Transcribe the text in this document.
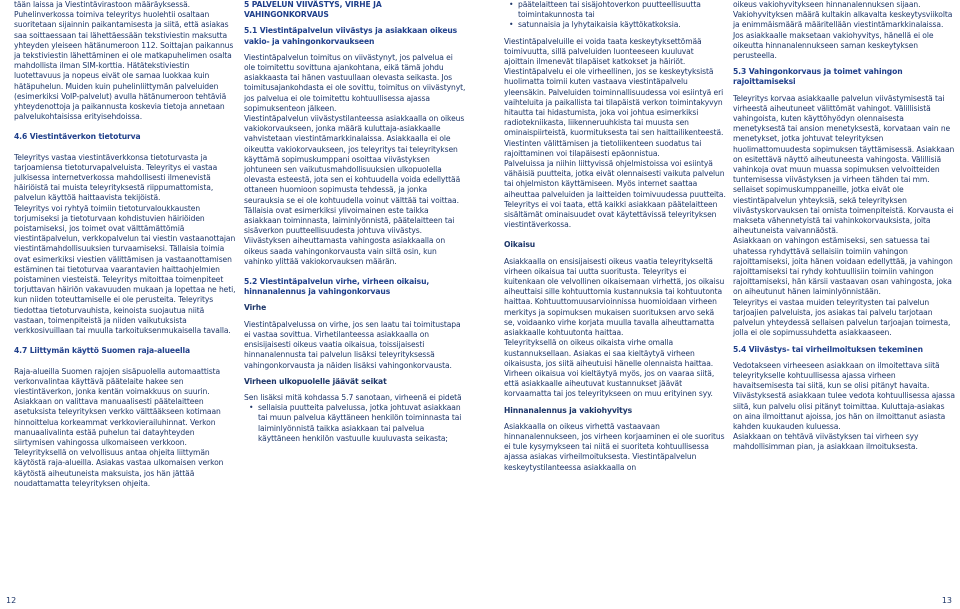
tään laissa ja Viestintävirastoon määräyksessä. Puhelinverkossa toimiva teleyritys huolehtii osaltaan suoritetaan sijainnin paikantamisesta ja siitä, että asiakas saa soittaessaan tai lähettäessään tekstiviestin maksutta yhteyden yleiseen hätänumeroon 112. Soittajan paikannus ja tekstiviestin lähettäminen ei ole matkapuhelimen osalta mahdollista ilman SIM-korttia. Hätätekstiviestin luotettavuus ja nopeus eivät ole samaa luokkaa kuin hätäpuhelun. Muiden kuin puhelinliittymän palveluiden (esimerkiksi VoIP-palvelut) avulla hätänumeroon tehtäviä yhteydenottoja ja paikannusta koskevia tietoja annetaan palvelukohtaisissa erityisehdoissa.

4.6 Viestintäverkon tietoturva

Teleyritys vastaa viestintäverkkonsa tietoturvasta ja tarjoamiensa tietoturvapalveluista. Teleyritys ei vastaa julkisessa internetverkossa mahdollisesti ilmenevistä häiriöistä tai muista teleyrityksestä riippumattomista, palvelun käyttöä haittaavista tekijöistä.

Teleyritys voi ryhtyä toimiin tietoturvaloukkausten torjumiseksi ja tietoturvaan kohdistuvien häiriöiden poistamiseksi, jos toimet ovat välttämättömiä viestintäpalvelun, verkkopalvelun tai viestin vastaanottajan viestintämahdollisuuksien turvaamiseksi. Tällaisia toimia ovat esimerkiksi viestien välittämisen ja vastaanottamisen estäminen tai tietoturvaa vaarantavien haittaohjelmien poistaminen viesteistä. Teleyritys mitoittaa toimenpiteet torjuttavan häiriön vakavuuden mukaan ja lopettaa ne heti, kun niiden toteuttamiselle ei ole perusteita. Teleyritys tiedottaa tietoturvauhista, keinoista suojautua niitä vastaan, toimenpiteistä ja niiden vaikutuksista verkkosivuillaan tai muulla tarkoituksenmukaisella tavalla.

4.7 Liittymän käyttö Suomen raja-alueella

Raja-alueilla Suomen rajojen sisäpuolella automaattista verkonvalintaa käyttävä päätelaite hakee sen viestintäverkon, jonka kentän voimakkuus on suurin. Asiakkaan on valittava manuaalisesti päätelaitteen asetuksista teleyrityksen verkko välttääkseen kotimaan hinnoittelua korkeammat verkkovierailuhinnat. Verkon manuaalivalinta estää puhelun tai datayhteyden siirtymisen vahingossa ulkomaiseen verkkoon. Teleyrityksellä on velvollisuus antaa ohjeita liittymän käytöstä raja-alueilla. Asiakas vastaa ulkomaisen verkon käytöstä aiheutuneista maksuista, jos hän jättää noudattamatta teleyrityksen ohjeita.

5 PALVELUN VIIVÄSTYS, VIRHE JA VAHINGONKORVAUS

5.1 Viestintäpalvelun viivästys ja asiakkaan oikeus vakio- ja vahingonkorvaukseen

Viestintäpalvelun toimitus on viivästynyt, jos palvelua ei ole toimitettu sovittuna ajankohtana, eikä tämä johdu asiakkaasta tai hänen vastuullaan olevasta seikasta. Jos toimitusajankohdasta ei ole sovittu, toimitus on viivästynyt, jos palvelua ei ole toimitettu kohtuullisessa ajassa sopimuksenteon jälkeen.

Viestintäpalvelun viivästystilanteessa asiakkaalla on oikeus vakiokorvaukseen, jonka määrä kuluttaja-asiakkaalle vahvistetaan viestintämarkkinalaissa. Asiakkaalla ei ole oikeutta vakiokorvaukseen, jos teleyritys tai teleyrityksen käyttämä sopimuskumppani osoittaa viivästyksen johtuneen sen vaikutusmahdollisuuksien ulkopuolella olevasta esteestä, jota sen ei kohtuudella voida edellyttää ottaneen huomioon sopimusta tehdessä, ja jonka seurauksia se ei ole kohtuudella voinut välttää tai voittaa. Tällaisia ovat esimerkiksi ylivoimainen este taikka asiakkaan toiminnasta, laiminlyönnistä, päätelaitteen tai sisäverkon puutteellisuudesta johtuva viivästys.

Viivästyksen aiheuttamasta vahingosta asiakkaalla on oikeus saada vahingonkorvausta vain siltä osin, kun vahinko ylittää vakiokorvauksen määrän.

5.2 Viestintäpalvelun virhe, virheen oikaisu, hinnanalennus ja vahingonkorvaus

Virhe

Viestintäpalvelussa on virhe, jos sen laatu tai toimitustapa ei vastaa sovittua. Virhetilanteessa asiakkaalla on ensisijaisesti oikeus vaatia oikaisua, toissijaisesti hinnanalennusta tai palvelun lisäksi teleyrityksessä vahingonkorvausta ja näiden lisäksi vahingonkorvausta.

Virheen ulkopuolelle jäävät seikat

Sen lisäksi mitä kohdassa 5.7 sanotaan, virheenä ei pidetä

• sellaisia puutteita palvelussa, jotka johtuvat asiakkaan tai muun palvelua käyttäneen henkilön toiminnasta tai laiminlyönnistä taikka asiakkaan tai palvelua käyttäneen henkilön vastuulle kuuluvasta seikasta;
• päätelaitteen tai sisäjohtoverkon puutteellisuutta toimintakunnosta tai
• satunnaisia ja lyhytaikaisia käyttökatkoksia.

Viestintäpalveluille ei voida taata keskeytyksettömää toimivuutta, sillä palveluiden luonteeseen kuuluvat ajoittain ilmenevät tilapäiset katkokset ja häiriöt. Viestintäpalvelu ei ole virheellinen, jos se keskeytyksistä huolimatta toimii kuten vastaava viestintäpalvelu yleensäkin. Palveluiden toiminnallisuudessa voi esiintyä eri vaihteluita ja paikallista tai tilapäistä verkon toimintakyvyn hitautta tai hidastumista, joka voi johtua esimerkiksi radiotekniikasta, liikenneruuhkista tai muusta sen ominaispiirteistä, kuormituksesta tai sen haittailikenteestä. Viestinten välittämisen ja tietoliikenteen suodatus tai rajoittaminen voi tilapäisesti epäonnistua.

Palveluissa ja niihin liittyvissä ohjelmistoissa voi esiintyä vähäisiä puutteita, jotka eivät olennaisesti vaikuta palvelun tai ohjelmiston käyttämiseen. Myös internet saattaa aiheuttaa palveluiden ja laitteiden toimivuudessa puutteita. Teleyritys ei voi taata, että kaikki asiakkaan päätelaitteen sisältämät ominaisuudet ovat käytettävissä teleyrityksen viestintäverkossa.

Oikaisu

Asiakkaalla on ensisijaisesti oikeus vaatia teleyritykseltä virheen oikaisua tai uutta suoritusta. Teleyritys ei kuitenkaan ole velvollinen oikaisemaan virhettä, jos oikaisu aiheuttaisi sille kohtuuttomia kustannuksia tai kohtuutonta haittaa. Kohtuuttomuusarvioinnissa huomioidaan virheen merkitys ja sopimuksen mukaisen suorituksen arvo sekä se, voidaanko virhe korjata muulla tavalla aiheuttamatta asiakkaalle kohtuutonta haittaa.

Teleyrityksellä on oikeus oikaista virhe omalla kustannuksellaan. Asiakas ei saa kieltäytyä virheen oikaisusta, jos siitä aiheutuisi hänelle olennaista haittaa. Virheen oikaisua voi kieltäytyä myös, jos on vaaraa siitä, että asiakkaalle aiheutuvat kustannukset jäävät korvaamatta tai jos teleyritykseen on muu erityinen syy.

Hinnanalennus ja vakiohyvitys

Asiakkaalla on oikeus virhettä vastaavaan hinnanalennukseen, jos virheen korjaaminen ei ole suoritus ei tule kysymykseen tai niitä ei suoriteta kohtuullisessa ajassa asiakas virheilmoituksesta. Viestintäpalvelun keskeytystilanteessa asiakkaalla on

oikeus vakiohyvitykseen hinnanalennuksen sijaan. Vakiohyvityksen määrä kultakin alkavalta keskeytysviikolta ja enimmäismäärä määritellään viestintämarkkinalaissa. Jos asiakkaalle maksetaan vakiohyvitys, hänellä ei ole oikeutta hinnanalennukseen saman keskeytyksen perusteella.

5.3 Vahingonkorvaus ja toimet vahingon rajoittamiseksi

Teleyritys korvaa asiakkaalle palvelun viivästymisestä tai virheestä aiheutuneet välittömät vahingot. Välillisistä vahingoista, kuten käyttöhyödyn olennaisesta menetyksestä tai ansion menetyksestä, korvataan vain ne menetykset, jotka johtuvat teleyrityksen huolimattomuudesta sopimuksen täyttämisessä. Asiakkaan on esitettävä näyttö aiheutuneesta vahingosta. Välillisiä vahinkoja ovat muun muassa sopimuksen velvoitteiden tuntemisessa viivästyksen ja virheen tähden tai mm. sellaiset sopimuskumppaneille, jotka eivät ole viestintäpalvelun yhteyksiä, sekä teleyrityksen viivästyskorvauksen tai omista toimenpiteistä. Korvausta ei makseta vähennetyistä tai vahinkokorvauksista, joita aiheutuneista vaivannäöstä.

Asiakkaan on vahingon estämiseksi, sen satuessa tai uhatessa ryhdyttävä sellaisiin toimiin vahingon rajoittamiseksi, joita hänen voidaan edellyttää, ja vahingon rajoittamiseksi tai ryhdy kohtuullisiin toimiin vahingon rajoittamiseksi, hän kärsii vastaavan osan vahingosta, joka on aiheutunut hänen laiminlyönnistään.

Teleyritys ei vastaa muiden teleyritysten tai palvelun tarjoajien palveluista, jos asiakas tai palvelu tarjotaan palvelun yhteydessä sellaisen palvelun tarjoajan toimesta, jolla ei ole sopimussuhdetta asiakkaaseen.

5.4 Viivästys- tai virheilmoituksen tekeminen

Vedotakseen virheeseen asiakkaan on ilmoitettava siitä teleyritykselle kohtuullisessa ajassa virheen havaitsemisesta tai siitä, kun se olisi pitänyt havaita. Viivästyksestä asiakkaan tulee vedota kohtuullisessa ajassa siitä, kun palvelu olisi pitänyt toimittaa. Kuluttaja-asiakas on aina ilmoittanut ajoissa, jos hän on ilmoittanut asiasta kahden kuukauden kuluessa.

Asiakkaan on tehtävä viivästyksen tai virheen syy mahdollisimman pian, ja asiakkaan ilmoituksesta.

12	13
